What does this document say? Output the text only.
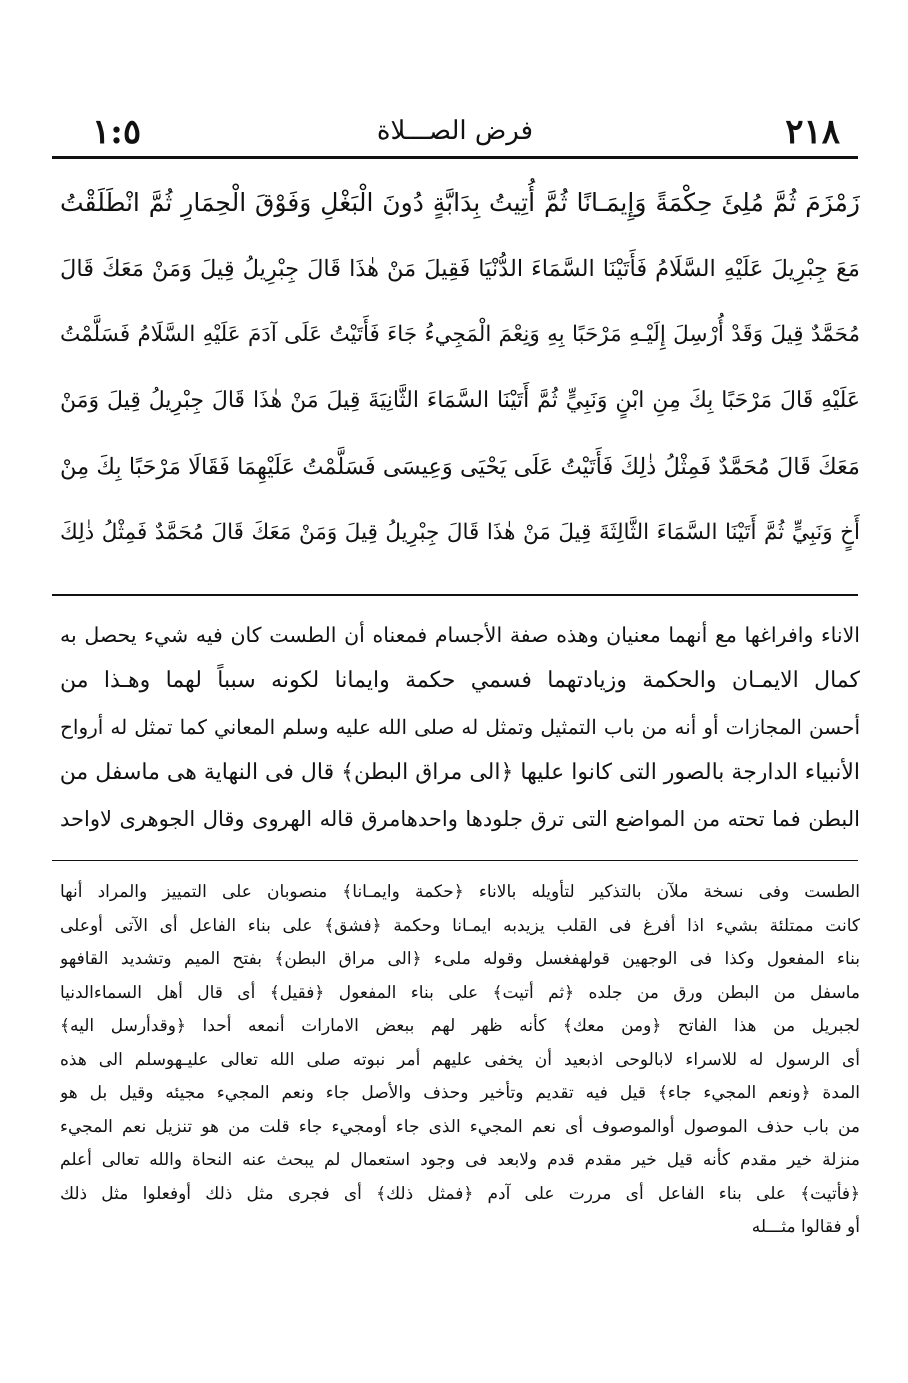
١:٥	فرض الصـــلاة	٢١٨
زَمْزَمَ ثُمَّ مُلِئَ حِكْمَةً وَإِيمَـانًا ثُمَّ أُتِيتُ بِدَابَّةٍ دُونَ الْبَغْلِ وَفَوْقَ الْحِمَارِ ثُمَّ انْطَلَقْتُ
مَعَ جِبْرِيلَ عَلَيْهِ السَّلَامُ فَأَتَيْنَا السَّمَاءَ الدُّنْيَا فَقِيلَ مَنْ هٰذَا قَالَ جِبْرِيلُ قِيلَ وَمَنْ مَعَكَ قَالَ
مُحَمَّدٌ قِيلَ وَقَدْ أُرْسِلَ إِلَيْـهِ مَرْحَبًا بِهِ وَنِعْمَ الْمَجِيءُ جَاءَ فَأَتَيْتُ عَلَى آدَمَ عَلَيْهِ السَّلَامُ فَسَلَّمْتُ
عَلَيْهِ قَالَ مَرْحَبًا بِكَ مِنِ ابْنٍ وَنَبِيٍّ ثُمَّ أَتَيْنَا السَّمَاءَ الثَّانِيَةَ قِيلَ مَنْ هٰذَا قَالَ جِبْرِيلُ قِيلَ وَمَنْ
مَعَكَ قَالَ مُحَمَّدٌ فَمِثْلُ ذٰلِكَ فَأَتَيْتُ عَلَى يَحْيَى وَعِيسَى فَسَلَّمْتُ عَلَيْهِمَا فَقَالَا مَرْحَبًا بِكَ مِنْ
أَخٍ وَنَبِيٍّ ثُمَّ أَتَيْنَا السَّمَاءَ الثَّالِثَةَ قِيلَ مَنْ هٰذَا قَالَ جِبْرِيلُ قِيلَ وَمَنْ مَعَكَ قَالَ مُحَمَّدٌ فَمِثْلُ ذٰلِكَ
الاناء وافراغها مع أنهما معنيان وهذه صفة الأجسام فمعناه أن الطست كان فيه شيء يحصل به
كمال الايمـان والحكمة وزيادتهما فسمي حكمة وايمانا لكونه سبباً لهما وهـذا من
أحسن المجازات أو أنه من باب التمثيل وتمثل له صلى الله عليه وسلم المعاني كما تمثل له أرواح
الأنبياء الدارجة بالصور التى كانوا عليها ﴿الى مراق البطن﴾ قال فى النهاية هى ماسفل من
البطن فما تحته من المواضع التى ترق جلودها واحدهامرق قاله الهروى وقال الجوهرى لاواحد
الطست وفى نسخة ملآن بالتذكير لتأويله بالاناء ﴿حكمة وايمـانا﴾ منصوبان على التمييز والمراد أنها
كانت ممتلئة بشيء اذا أفرغ فى القلب يزيدبه ايمـانا وحكمة ﴿فشق﴾ على بناء الفاعل أى الآتى أوعلى
بناء المفعول وكذا فى الوجهين قولهفغسل وقوله ملىء ﴿الى مراق البطن﴾ بفتح الميم وتشديد القافهو
ماسفل من البطن ورق من جلده ﴿ثم أتيت﴾ على بناء المفعول ﴿فقيل﴾ أى قال أهل السماءالدنيا
لجبريل من هذا الفاتح ﴿ومن معك﴾ كأنه ظهر لهم ببعض الامارات أنمعه أحدا ﴿وقدأرسل اليه﴾
أى الرسول له للاسراء لابالوحى اذبعيد أن يخفى عليهم أمر نبوته صلى الله تعالى عليـهوسلم الى هذه
المدة ﴿ونعم المجيء جاء﴾ قيل فيه تقديم وتأخير وحذف والأصل جاء ونعم المجيء مجيئه وقيل بل هو
من باب حذف الموصول أوالموصوف أى نعم المجيء الذى جاء أومجيء جاء قلت من هو تنزيل نعم المجيء
منزلة خير مقدم كأنه قيل خير مقدم قدم ولابعد فى وجود استعمال لم يبحث عنه النحاة والله تعالى أعلم
﴿فأتيت﴾ على بناء الفاعل أى مررت على آدم ﴿فمثل ذلك﴾ أى فجرى مثل ذلك أوفعلوا مثل ذلك
أو فقالوا مثـــله
